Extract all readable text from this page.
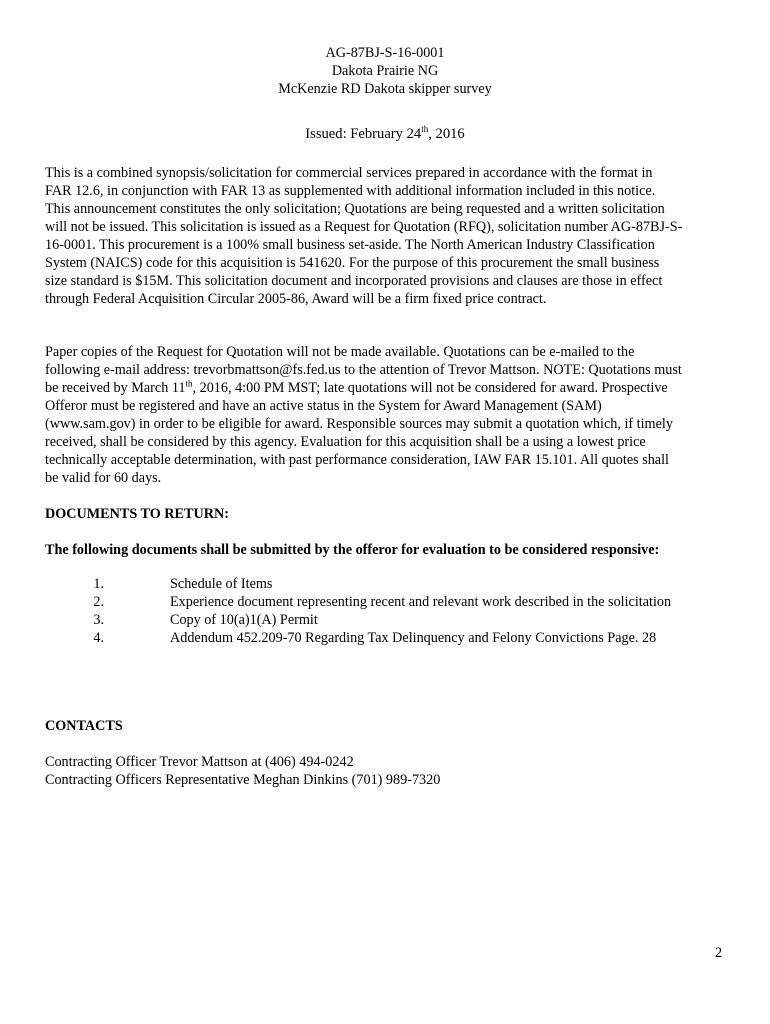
AG-87BJ-S-16-0001
Dakota Prairie NG
McKenzie RD Dakota skipper survey
Issued: February 24th, 2016
This is a combined synopsis/solicitation for commercial services prepared in accordance with the format in
FAR 12.6, in conjunction with FAR 13 as supplemented with additional information included in this notice.
This announcement constitutes the only solicitation; Quotations are being requested and a written solicitation
will not be issued. This solicitation is issued as a Request for Quotation (RFQ), solicitation number AG-87BJ-S-
16-0001. This procurement is a 100% small business set-aside. The North American Industry Classification
System (NAICS) code for this acquisition is 541620. For the purpose of this procurement the small business
size standard is $15M. This solicitation document and incorporated provisions and clauses are those in effect
through Federal Acquisition Circular 2005-86, Award will be a firm fixed price contract.
Paper copies of the Request for Quotation will not be made available. Quotations can be e-mailed to the
following e-mail address: trevorbmattson@fs.fed.us to the attention of Trevor Mattson. NOTE: Quotations must
be received by March 11th, 2016, 4:00 PM MST; late quotations will not be considered for award. Prospective
Offeror must be registered and have an active status in the System for Award Management (SAM)
(www.sam.gov) in order to be eligible for award. Responsible sources may submit a quotation which, if timely
received, shall be considered by this agency. Evaluation for this acquisition shall be a using a lowest price
technically acceptable determination, with past performance consideration, IAW FAR 15.101. All quotes shall
be valid for 60 days.
DOCUMENTS TO RETURN:
The following documents shall be submitted by the offeror for evaluation to be considered responsive:
1.	Schedule of Items
2.	Experience document representing recent and relevant work described in the solicitation
3.	Copy of 10(a)1(A) Permit
4.	Addendum 452.209-70 Regarding Tax Delinquency and Felony Convictions Page. 28
CONTACTS
Contracting Officer Trevor Mattson at (406) 494-0242
Contracting Officers Representative Meghan Dinkins (701) 989-7320
2
